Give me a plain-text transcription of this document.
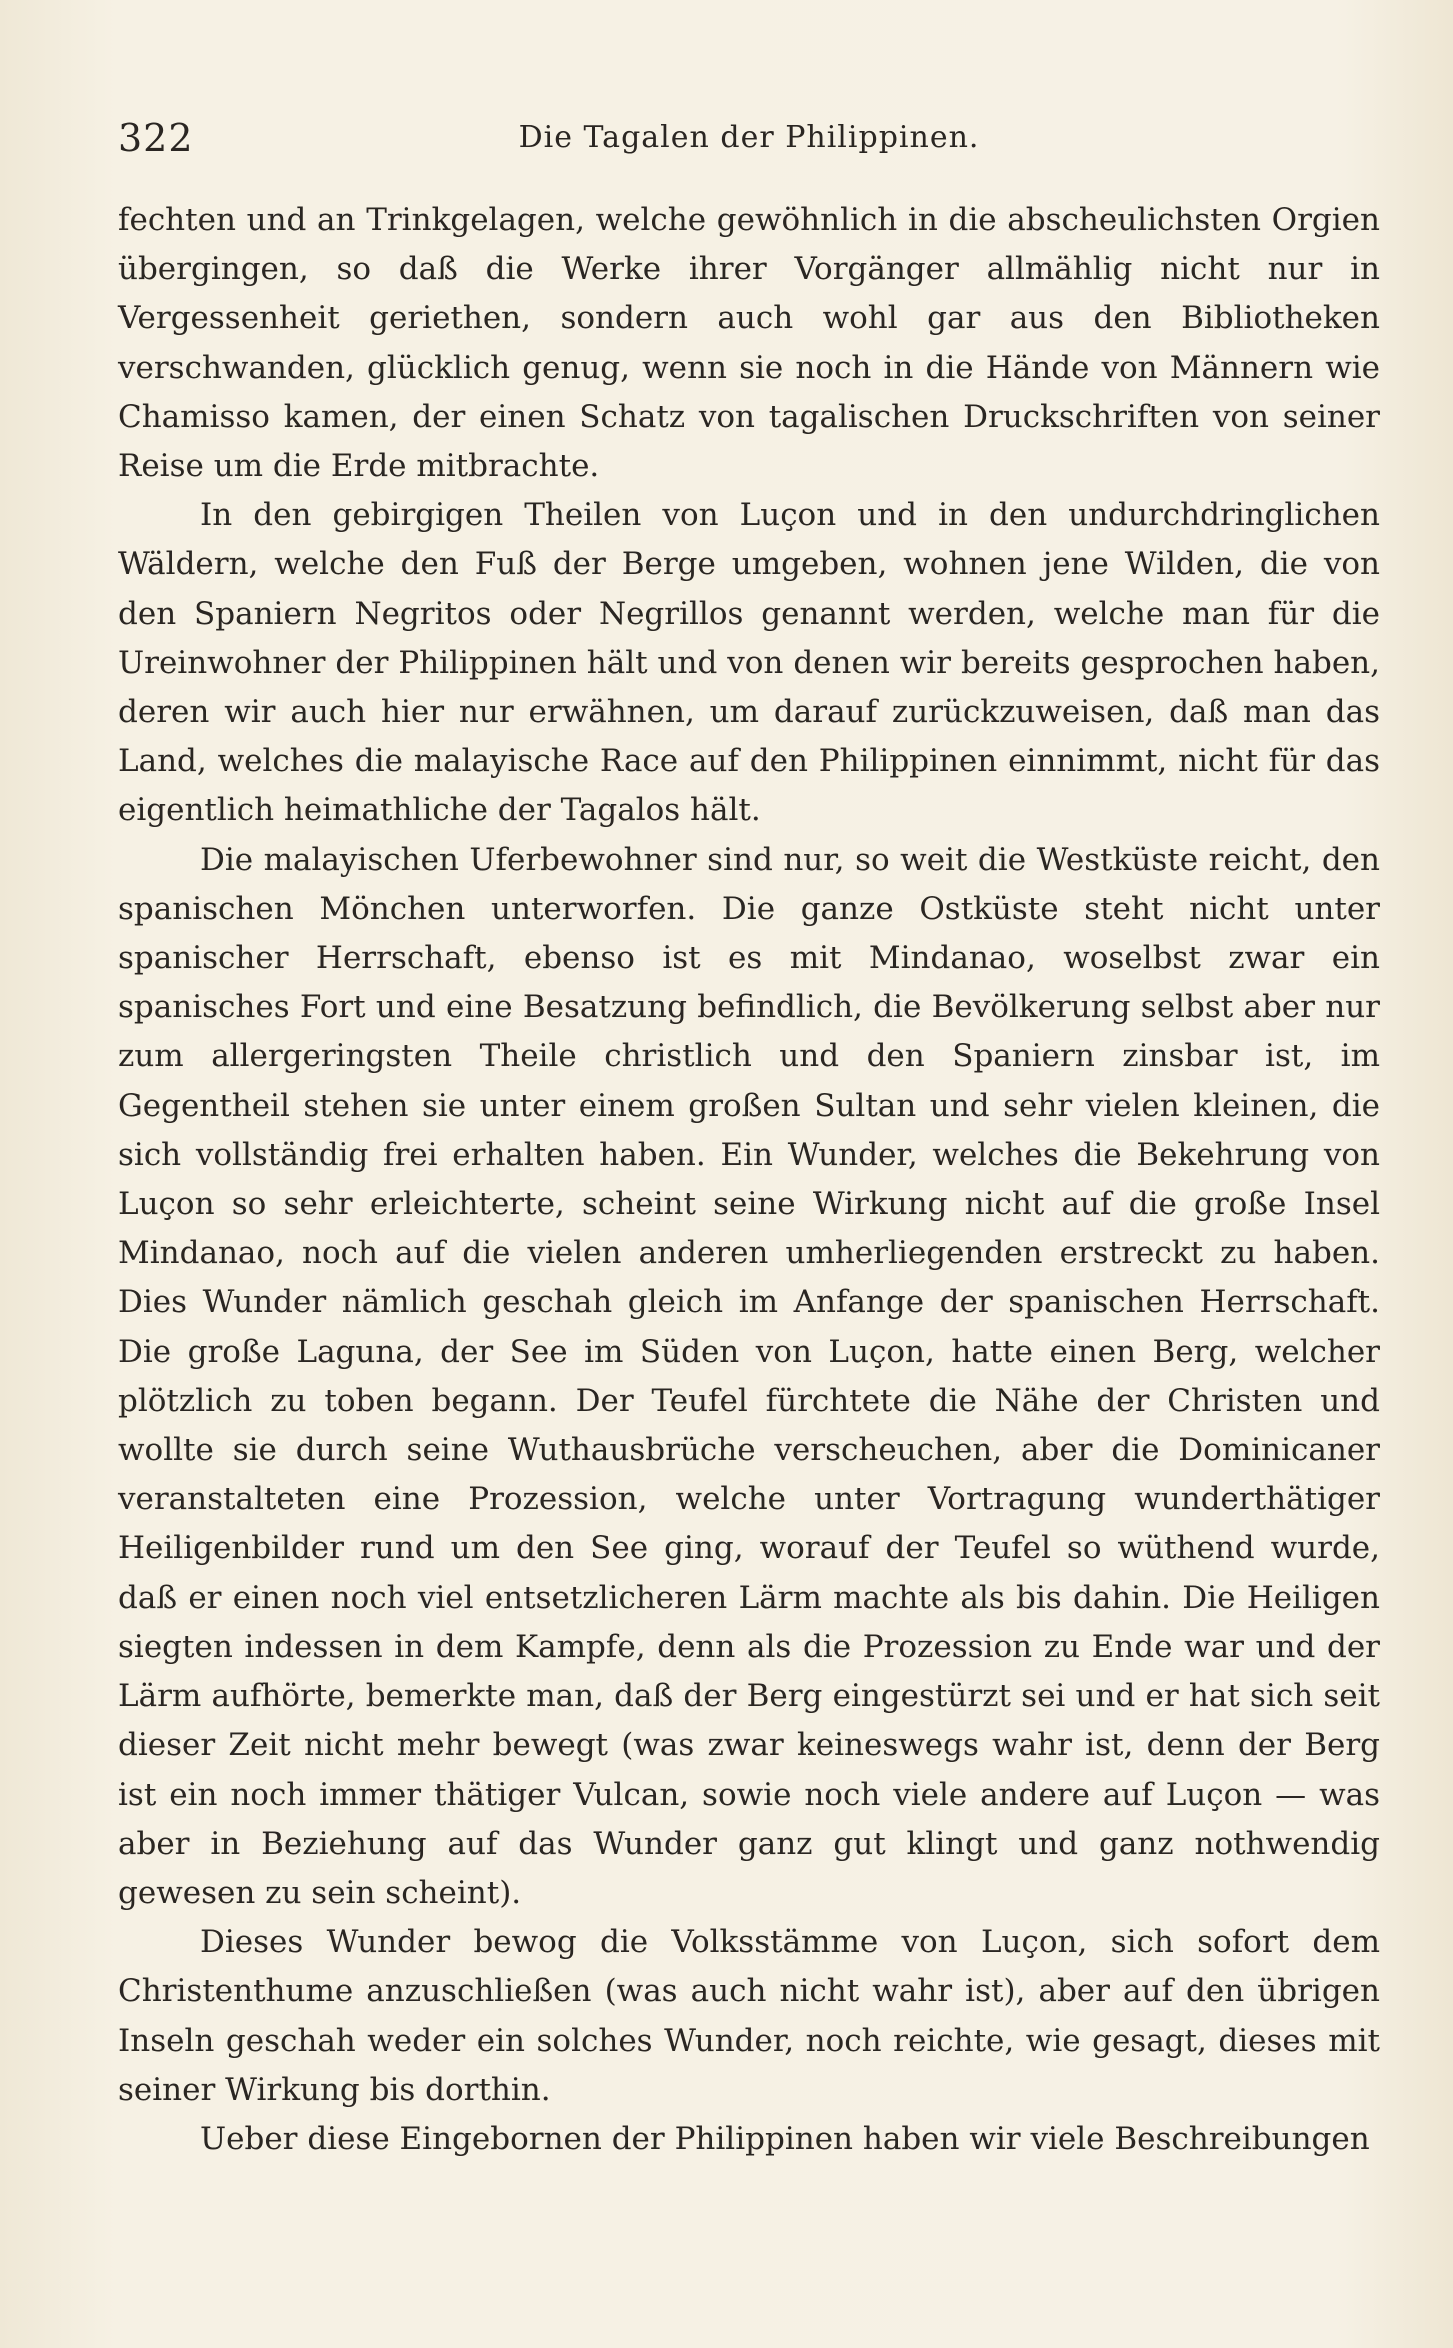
322	Die Tagalen der Philippinen.

fechten und an Trinkgelagen, welche gewöhnlich in die abscheulichsten Orgien übergingen, so daß die Werke ihrer Vorgänger allmählig nicht nur in Vergessenheit geriethen, sondern auch wohl gar aus den Bibliotheken verschwanden, glücklich genug, wenn sie noch in die Hände von Männern wie Chamisso kamen, der einen Schatz von tagalischen Druckschriften von seiner Reise um die Erde mitbrachte.

In den gebirgigen Theilen von Luçon und in den undurchdringlichen Wäldern, welche den Fuß der Berge umgeben, wohnen jene Wilden, die von den Spaniern Negritos oder Negrillos genannt werden, welche man für die Ureinwohner der Philippinen hält und von denen wir bereits gesprochen haben, deren wir auch hier nur erwähnen, um darauf zurückzuweisen, daß man das Land, welches die malayische Race auf den Philippinen einnimmt, nicht für das eigentlich heimathliche der Tagalos hält.

Die malayischen Uferbewohner sind nur, so weit die Westküste reicht, den spanischen Mönchen unterworfen. Die ganze Ostküste steht nicht unter spanischer Herrschaft, ebenso ist es mit Mindanao, woselbst zwar ein spanisches Fort und eine Besatzung befindlich, die Bevölkerung selbst aber nur zum allergeringsten Theile christlich und den Spaniern zinsbar ist, im Gegentheil stehen sie unter einem großen Sultan und sehr vielen kleinen, die sich vollständig frei erhalten haben. Ein Wunder, welches die Bekehrung von Luçon so sehr erleichterte, scheint seine Wirkung nicht auf die große Insel Mindanao, noch auf die vielen anderen umherliegenden erstreckt zu haben. Dies Wunder nämlich geschah gleich im Anfange der spanischen Herrschaft. Die große Laguna, der See im Süden von Luçon, hatte einen Berg, welcher plötzlich zu toben begann. Der Teufel fürchtete die Nähe der Christen und wollte sie durch seine Wuthausbrüche verscheuchen, aber die Dominicaner veranstalteten eine Prozession, welche unter Vortragung wunderthätiger Heiligenbilder rund um den See ging, worauf der Teufel so wüthend wurde, daß er einen noch viel entsetzlicheren Lärm machte als bis dahin. Die Heiligen siegten indessen in dem Kampfe, denn als die Prozession zu Ende war und der Lärm aufhörte, bemerkte man, daß der Berg eingestürzt sei und er hat sich seit dieser Zeit nicht mehr bewegt (was zwar keineswegs wahr ist, denn der Berg ist ein noch immer thätiger Vulcan, sowie noch viele andere auf Luçon — was aber in Beziehung auf das Wunder ganz gut klingt und ganz nothwendig gewesen zu sein scheint).

Dieses Wunder bewog die Volksstämme von Luçon, sich sofort dem Christenthume anzuschließen (was auch nicht wahr ist), aber auf den übrigen Inseln geschah weder ein solches Wunder, noch reichte, wie gesagt, dieses mit seiner Wirkung bis dorthin.

Ueber diese Eingebornen der Philippinen haben wir viele Beschreibungen
